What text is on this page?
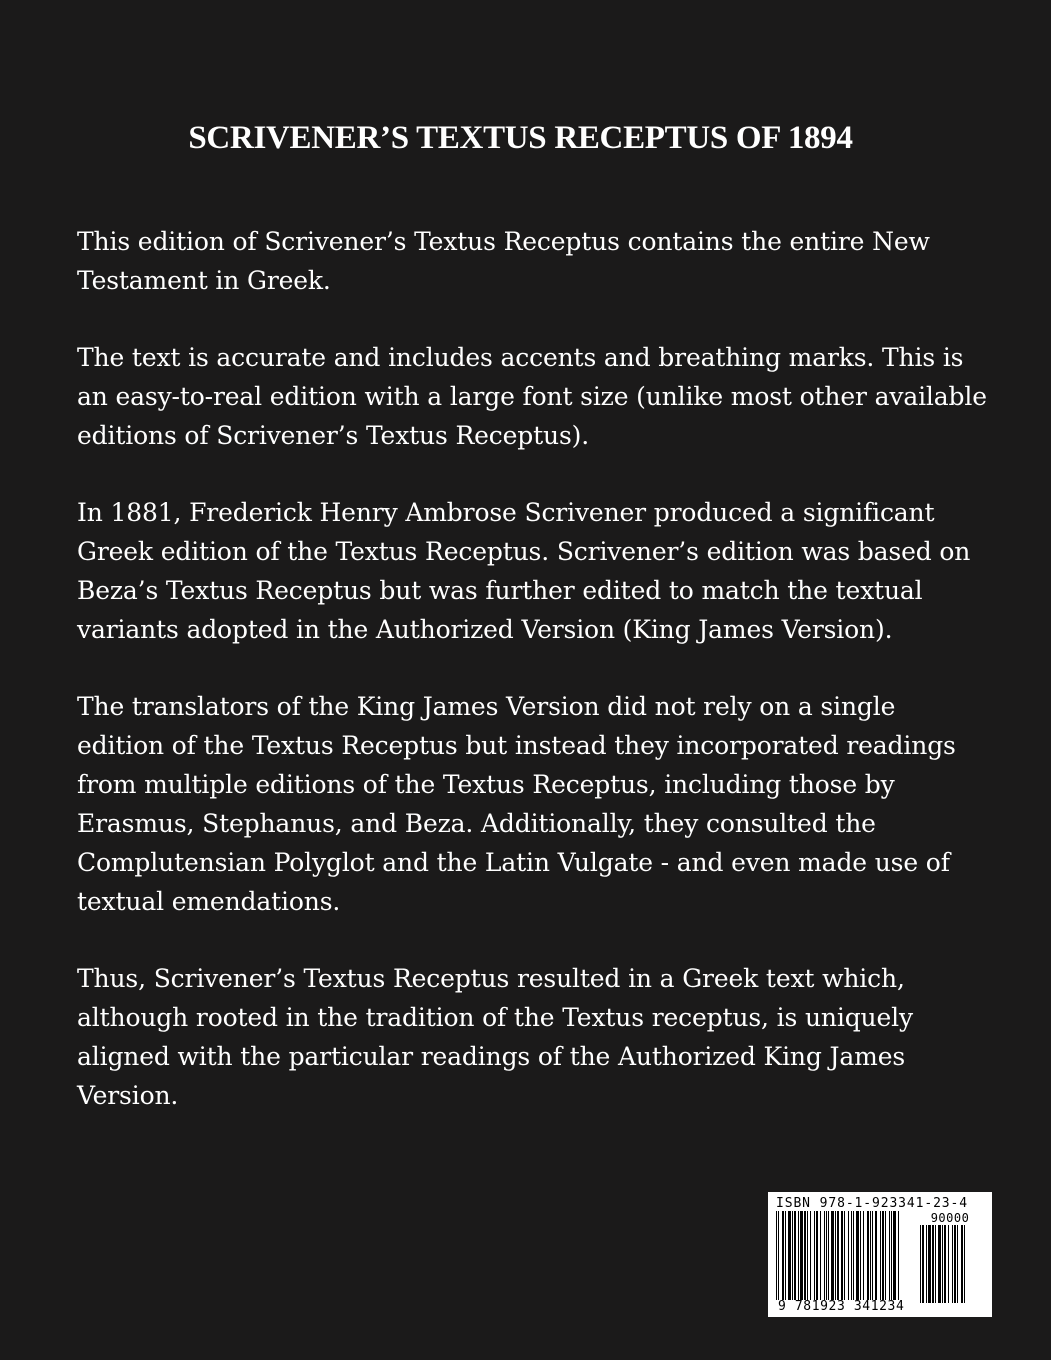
SCRIVENER’S TEXTUS RECEPTUS OF 1894

This edition of Scrivener’s Textus Receptus contains the entire New Testament in Greek.

The text is accurate and includes accents and breathing marks. This is an easy-to-real edition with a large font size (unlike most other available editions of Scrivener’s Textus Receptus).

In 1881, Frederick Henry Ambrose Scrivener produced a significant Greek edition of the Textus Receptus. Scrivener’s edition was based on Beza’s Textus Receptus but was further edited to match the textual variants adopted in the Authorized Version (King James Version).

The translators of the King James Version did not rely on a single edition of the Textus Receptus but instead they incorporated readings from multiple editions of the Textus Receptus, including those by Erasmus, Stephanus, and Beza. Additionally, they consulted the Complutensian Polyglot and the Latin Vulgate - and even made use of textual emendations.

Thus, Scrivener’s Textus Receptus resulted in a Greek text which, although rooted in the tradition of the Textus receptus, is uniquely aligned with the particular readings of the Authorized King James Version.

ISBN 978-1-923341-23-4
90000
9 781923 341234
